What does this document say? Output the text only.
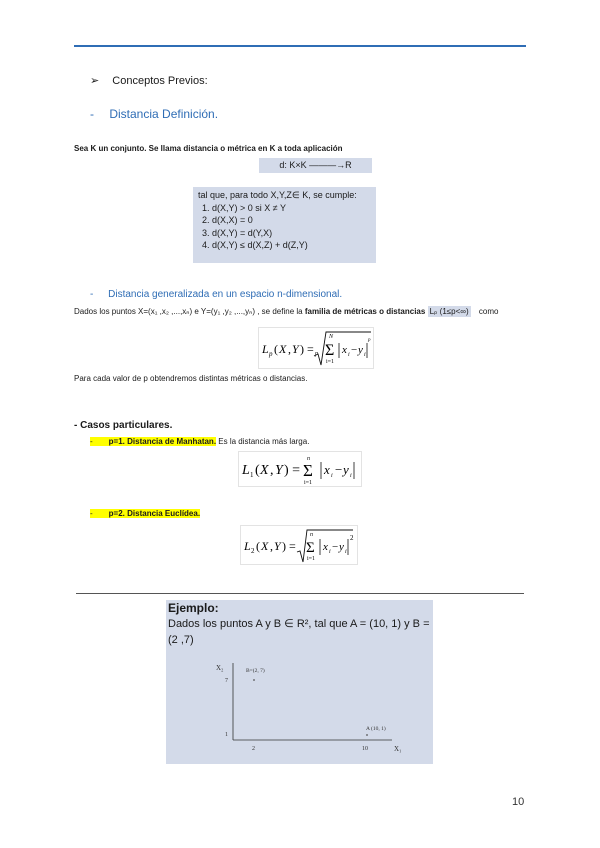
➢ Conceptos Previos:
- Distancia Definición.
Sea K un conjunto. Se llama distancia o métrica en K a toda aplicación
d: K×K ———→R
tal que, para todo X,Y,Z∈ K, se cumple:
1. d(X,Y) > 0 si X ≠ Y
2. d(X,X) = 0
3. d(X,Y) = d(Y,X)
4. d(X,Y) ≤ d(X,Z) + d(Z,Y)
- Distancia generalizada en un espacio n-dimensional.
Dados los puntos X=(x₁ ,x₂ ,...,xₙ) e Y=(y₁ ,y₂ ,...,yₙ) , se define la familia de métricas o distancias Lₚ (1≤p<∞) como
L p ( X , Y ) = p Σ
N
i=1
x i − y i
p
Para cada valor de p obtendremos distintas métricas o distancias.
- Casos particulares.
- p=1. Distancia de Manhatan. Es la distancia más larga.
L 1 ( X , Y ) = Σ
n
i=1
x i − y i
- p=2. Distancia Euclídea.
L 2 ( X , Y ) = Σ
n
i=1
x i − y i
2
Ejemplo:
Dados los puntos A y B ∈ R², tal que A = (10, 1) y B = (2 ,7)
X₂
X₁
7
1
2	10
B=(2, 7)
A (10, 1)
10
